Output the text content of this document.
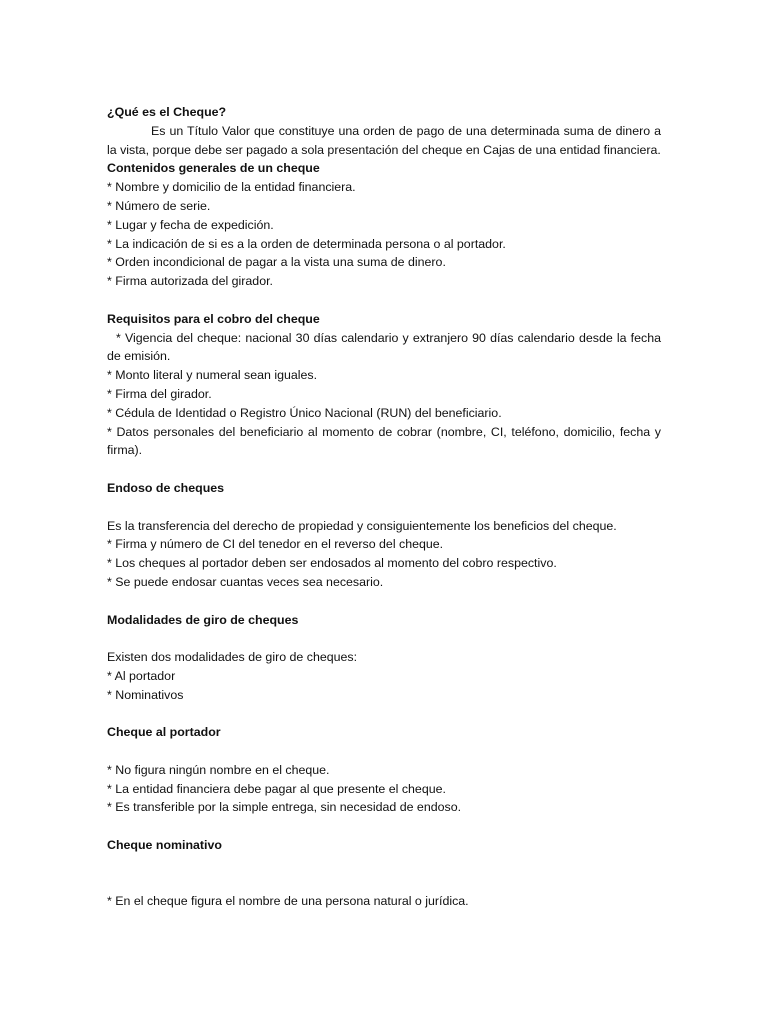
¿Qué es el Cheque?
Es un Título Valor que constituye una orden de pago de una determinada suma de dinero a la vista, porque debe ser pagado a sola presentación del cheque en Cajas de una entidad financiera.
Contenidos generales de un cheque
* Nombre y domicilio de la entidad financiera.
* Número de serie.
* Lugar y fecha de expedición.
* La indicación de si es a la orden de determinada persona o al portador.
* Orden incondicional de pagar a la vista una suma de dinero.
* Firma autorizada del girador.
Requisitos para el cobro del cheque
* Vigencia del cheque: nacional 30 días calendario y extranjero 90 días calendario desde la fecha de emisión.
* Monto literal y numeral sean iguales.
* Firma del girador.
* Cédula de Identidad o Registro Único Nacional (RUN) del beneficiario.
* Datos personales del beneficiario al momento de cobrar (nombre, CI, teléfono, domicilio, fecha y firma).
Endoso de cheques
Es la transferencia del derecho de propiedad y consiguientemente los beneficios del cheque.
* Firma y número de CI del tenedor en el reverso del cheque.
* Los cheques al portador deben ser endosados al momento del cobro respectivo.
* Se puede endosar cuantas veces sea necesario.
Modalidades de giro de cheques
Existen dos modalidades de giro de cheques:
* Al portador
* Nominativos
Cheque al portador
* No figura ningún nombre en el cheque.
* La entidad financiera debe pagar al que presente el cheque.
* Es transferible por la simple entrega, sin necesidad de endoso.
Cheque nominativo
* En el cheque figura el nombre de una persona natural o jurídica.
